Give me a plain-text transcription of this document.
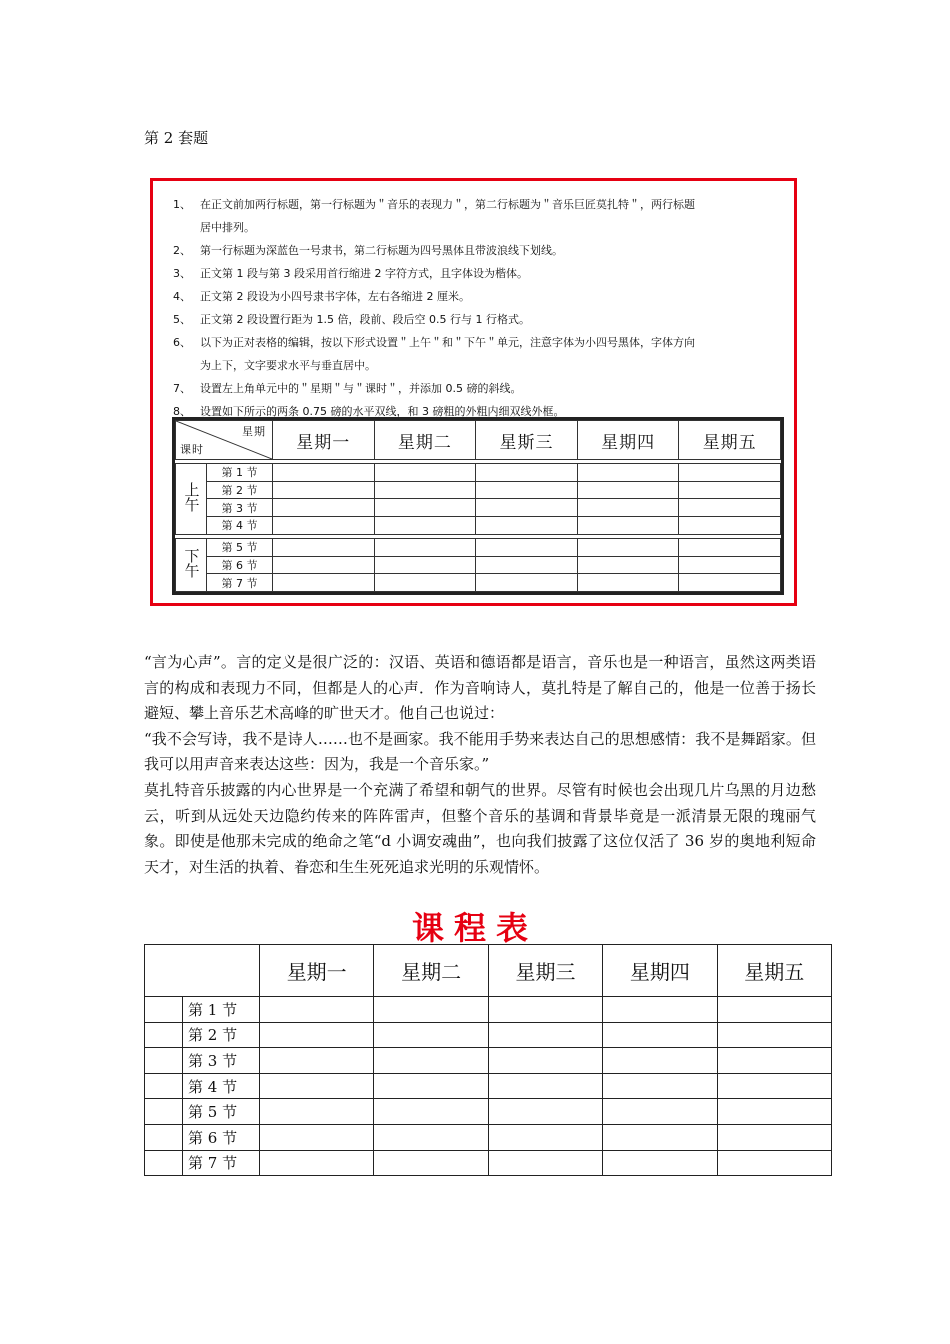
第 2 套题
1、 在正文前加两行标题，第一行标题为＂音乐的表现力＂，第二行标题为＂音乐巨匠莫扎特＂，两行标题
居中排列。
2、 第一行标题为深蓝色一号隶书，第二行标题为四号黑体且带波浪线下划线。
3、 正文第 1 段与第 3 段采用首行缩进 2 字符方式，且字体设为楷体。
4、 正文第 2 段设为小四号隶书字体，左右各缩进 2 厘米。
5、 正文第 2 段设置行距为 1.5 倍，段前、段后空 0.5 行与 1 行格式。
6、 以下为正对表格的编辑，按以下形式设置＂上午＂和＂下午＂单元，注意字体为小四号黑体，字体方向
为上下，文字要求水平与垂直居中。
7、 设置左上角单元中的＂星期＂与＂课时＂，并添加 0.5 磅的斜线。
8、 设置如下所示的两条 0.75 磅的水平双线，和 3 磅粗的外粗内细双线外框。
星期
课时		星期一	星期二	星斯三	星期四	星期五

上午	第 1 节					
	第 2 节					
	第 3 节					
	第 4 节					

下午	第 5 节					
	第 6 节					
	第 7 节					

“言为心声”。言的定义是很广泛的：汉语、英语和德语都是语言，音乐也是一种语言，虽然这两类语言的构成和表现力不同，但都是人的心声．作为音响诗人，莫扎特是了解自己的，他是一位善于扬长避短、攀上音乐艺术高峰的旷世天才。他自己也说过：

“我不会写诗，我不是诗人……也不是画家。我不能用手势来表达自己的思想感情：我不是舞蹈家。但我可以用声音来表达这些：因为，我是一个音乐家。”

莫扎特音乐披露的内心世界是一个充满了希望和朝气的世界。尽管有时候也会出现几片乌黑的月边愁云，听到从远处天边隐约传来的阵阵雷声，但整个音乐的基调和背景毕竟是一派清景无限的瑰丽气象。即使是他那未完成的绝命之笔“d 小调安魂曲”，也向我们披露了这位仅活了 36 岁的奥地利短命天才，对生活的执着、眷恋和生生死死追求光明的乐观情怀。

课程表
		星期一	星期二	星期三	星期四	星期五
	第 1 节					
	第 2 节					
	第 3 节					
	第 4 节					
	第 5 节					
	第 6 节					
	第 7 节					
